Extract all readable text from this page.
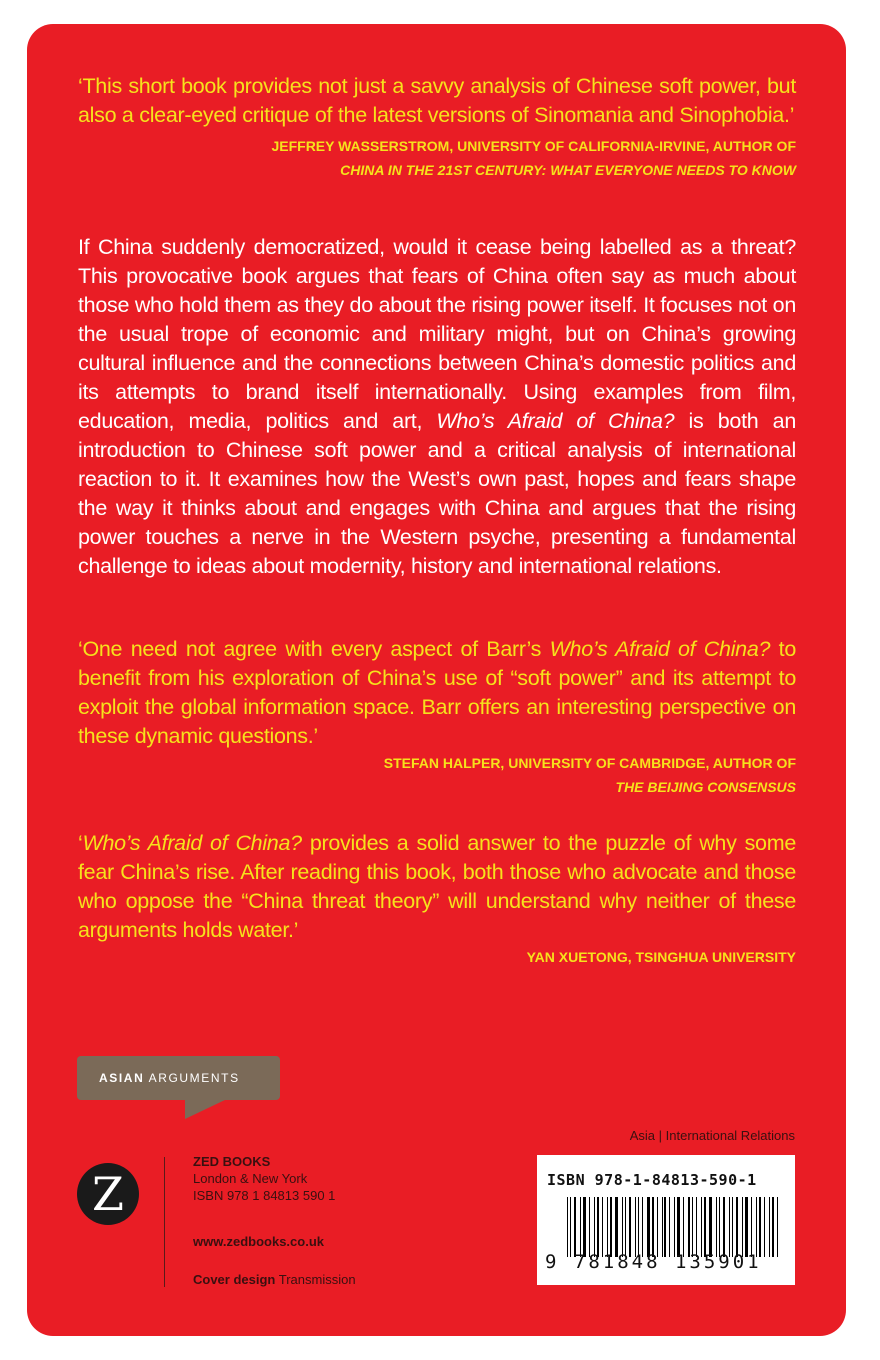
‘This short book provides not just a savvy analysis of Chinese soft power, but also a clear-eyed critique of the latest versions of Sinomania and Sinophobia.’
JEFFREY WASSERSTROM, UNIVERSITY OF CALIFORNIA-IRVINE, AUTHOR OF
CHINA IN THE 21ST CENTURY: WHAT EVERYONE NEEDS TO KNOW
If China suddenly democratized, would it cease being labelled as a threat? This provocative book argues that fears of China often say as much about those who hold them as they do about the rising power itself. It focuses not on the usual trope of economic and military might, but on China’s growing cultural influence and the connections between China’s domestic politics and its attempts to brand itself internationally. Using examples from film, education, media, politics and art, Who’s Afraid of China? is both an introduction to Chinese soft power and a critical analysis of international reaction to it. It examines how the West’s own past, hopes and fears shape the way it thinks about and engages with China and argues that the rising power touches a nerve in the Western psyche, presenting a fundamental challenge to ideas about modernity, history and international relations.
‘One need not agree with every aspect of Barr’s Who’s Afraid of China? to benefit from his exploration of China’s use of “soft power” and its attempt to exploit the global information space. Barr offers an interesting perspective on these dynamic questions.’
STEFAN HALPER, UNIVERSITY OF CAMBRIDGE, AUTHOR OF
THE BEIJING CONSENSUS
‘Who’s Afraid of China? provides a solid answer to the puzzle of why some fear China’s rise. After reading this book, both those who advocate and those who oppose the “China threat theory” will understand why neither of these arguments holds water.’
YAN XUETONG, TSINGHUA UNIVERSITY
ASIAN ARGUMENTS
Z
ZED BOOKS
London & New York
ISBN 978 1 84813 590 1
www.zedbooks.co.uk
Cover design Transmission
Asia | International Relations
ISBN 978-1-84813-590-1
9 781848 135901
